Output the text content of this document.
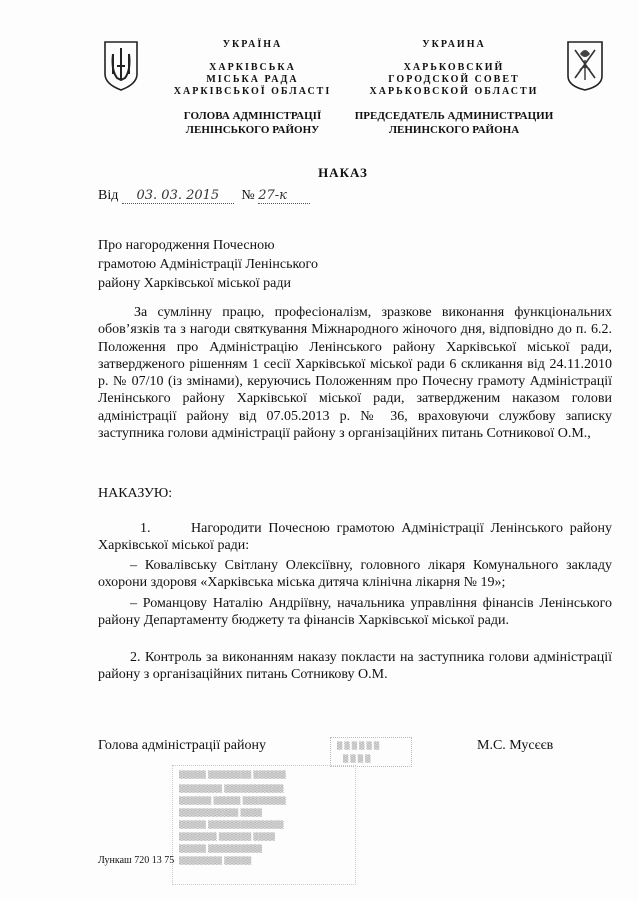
УКРАЇНА
ХАРКІВСЬКА
МІСЬКА РАДА
ХАРКІВСЬКОЇ ОБЛАСТІ
ГОЛОВА АДМІНІСТРАЦІЇ
ЛЕНІНСЬКОГО РАЙОНУ
УКРАИНА
ХАРЬКОВСКИЙ
ГОРОДСКОЙ СОВЕТ
ХАРЬКОВСКОЙ ОБЛАСТИ
ПРЕДСЕДАТЕЛЬ АДМИНИСТРАЦИИ
ЛЕНИНСКОГО РАЙОНА
НАКАЗ
Від 03. 03. 2015 № 27-к
Про нагородження Почесною
грамотою Адміністрації Ленінського
району Харківської міської ради
За сумлінну працю, професіоналізм, зразкове виконання функціональних обов’язків та з нагоди святкування Міжнародного жіночого дня, відповідно до п. 6.2. Положення про Адміністрацію Ленінського району Харківської міської ради, затвердженого рішенням 1 сесії Харківської міської ради 6 скликання від 24.11.2010 р. № 07/10 (із змінами), керуючись Положенням про Почесну грамоту Адміністрації Ленінського району Харківської міської ради, затвердженим наказом голови адміністрації району від 07.05.2013 р. № 36, враховуючи службову записку заступника голови адміністрації району з організаційних питань Сотникової О.М.,
НАКАЗУЮ:
1.      Нагородити Почесною грамотою Адміністрації Ленінського району Харківської міської ради:
– Ковалівську Світлану Олексіївну, головного лікаря Комунального закладу охорони здоровя «Харківська міська дитяча клінічна лікарня № 19»;
– Романцову Наталію Андріївну, начальника управління фінансів Ленінського району Департаменту бюджету та фінансів Харківської міської ради.
2. Контроль за виконанням наказу покласти на заступника голови адміністрації району з організаційних питань Сотникову О.М.
Голова адміністрації району	М.С. Мусєєв
▒▒▒▒▒▒
▒▒▒▒
▒▒▒▒▒ ▒▒▒▒▒▒▒▒ ▒▒▒▒▒▒
▒▒▒▒▒▒▒▒ ▒▒▒▒▒▒▒▒▒▒▒
▒▒▒▒▒▒ ▒▒▒▒▒ ▒▒▒▒▒▒▒▒
▒▒▒▒▒▒▒▒▒▒▒ ▒▒▒▒
▒▒▒▒▒ ▒▒▒▒▒▒▒▒▒▒▒▒▒▒
▒▒▒▒▒▒▒ ▒▒▒▒▒▒ ▒▒▒▒
▒▒▒▒▒ ▒▒▒▒▒▒▒▒▒▒
▒▒▒▒▒▒▒▒ ▒▒▒▒▒
Лункаш 720 13 75
